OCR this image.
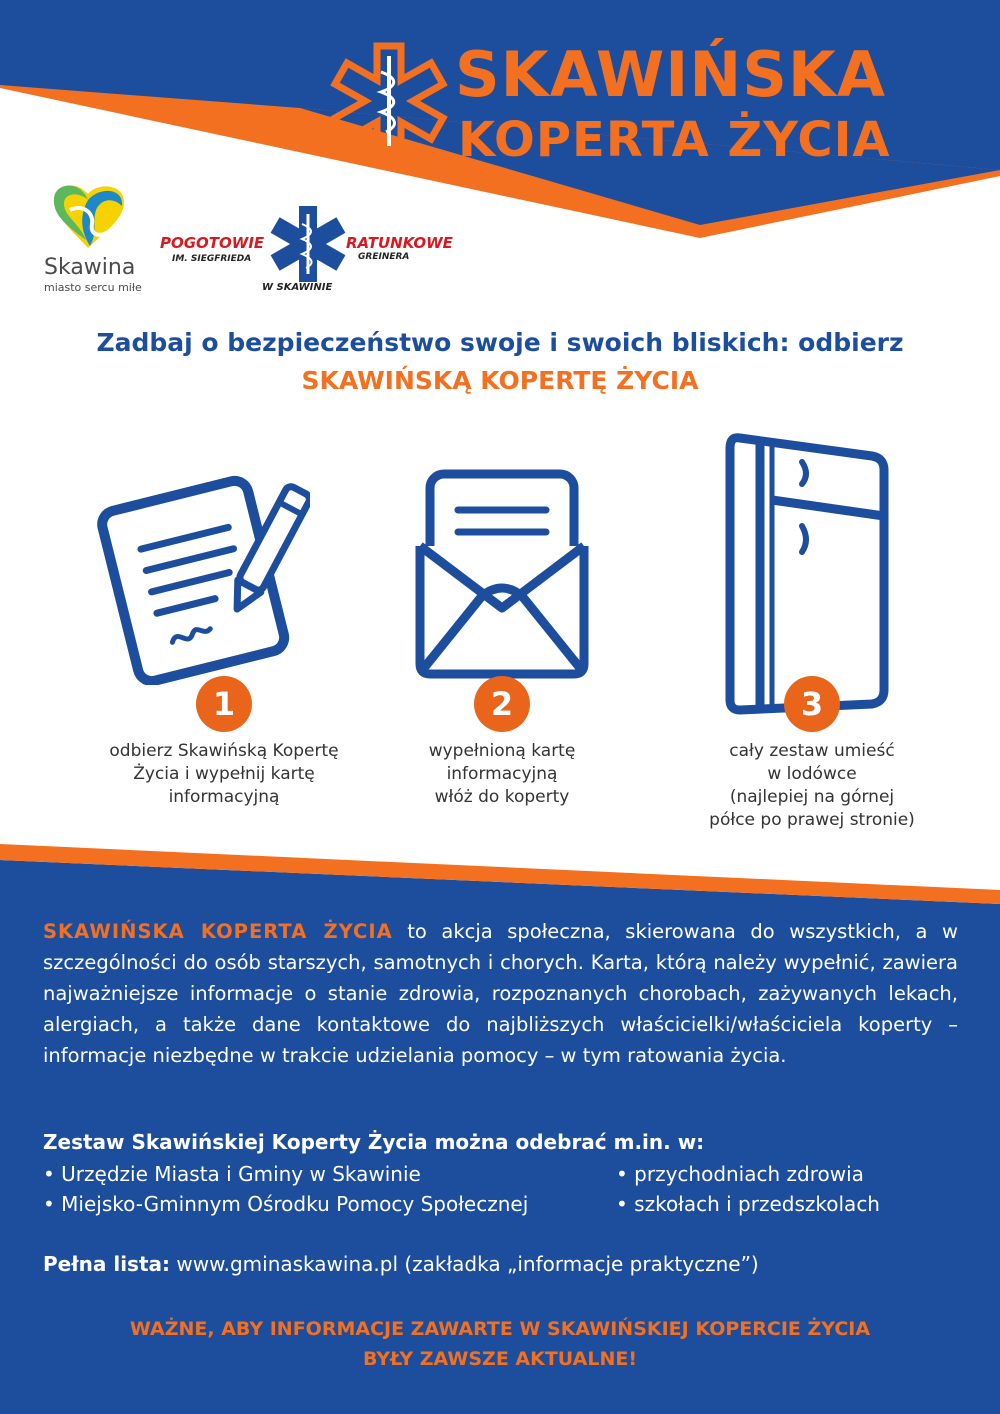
SKAWIŃSKA
KOPERTA ŻYCIA
Skawina
miasto sercu miłe
POGOTOWIE	RATUNKOWE
IM. SIEGFRIEDA	GREINERA
W SKAWINIE
Zadbaj o bezpieczeństwo swoje i swoich bliskich: odbierz
SKAWIŃSKĄ KOPERTĘ ŻYCIA
1	2	3
odbierz Skawińską Kopertę
Życia i wypełnij kartę
informacyjną
wypełnioną kartę
informacyjną
włóż do koperty
cały zestaw umieść
w lodówce
(najlepiej na górnej
półce po prawej stronie)
SKAWIŃSKA KOPERTA ŻYCIA to akcja społeczna, skierowana do wszystkich, a w szczególności do osób starszych, samotnych i chorych. Karta, którą należy wypełnić, zawiera najważniejsze informacje o stanie zdrowia, rozpoznanych chorobach, zażywanych lekach, alergiach, a także dane kontaktowe do najbliższych właścicielki/właściciela koperty – informacje niezbędne w trakcie udzielania pomocy – w tym ratowania życia.
Zestaw Skawińskiej Koperty Życia można odebrać m.in. w:
• Urzędzie Miasta i Gminy w Skawinie
• Miejsko-Gminnym Ośrodku Pomocy Społecznej
• przychodniach zdrowia
• szkołach i przedszkolach
Pełna lista: www.gminaskawina.pl (zakładka „informacje praktyczne”)
WAŻNE, ABY INFORMACJE ZAWARTE W SKAWIŃSKIEJ KOPERCIE ŻYCIA
BYŁY ZAWSZE AKTUALNE!
